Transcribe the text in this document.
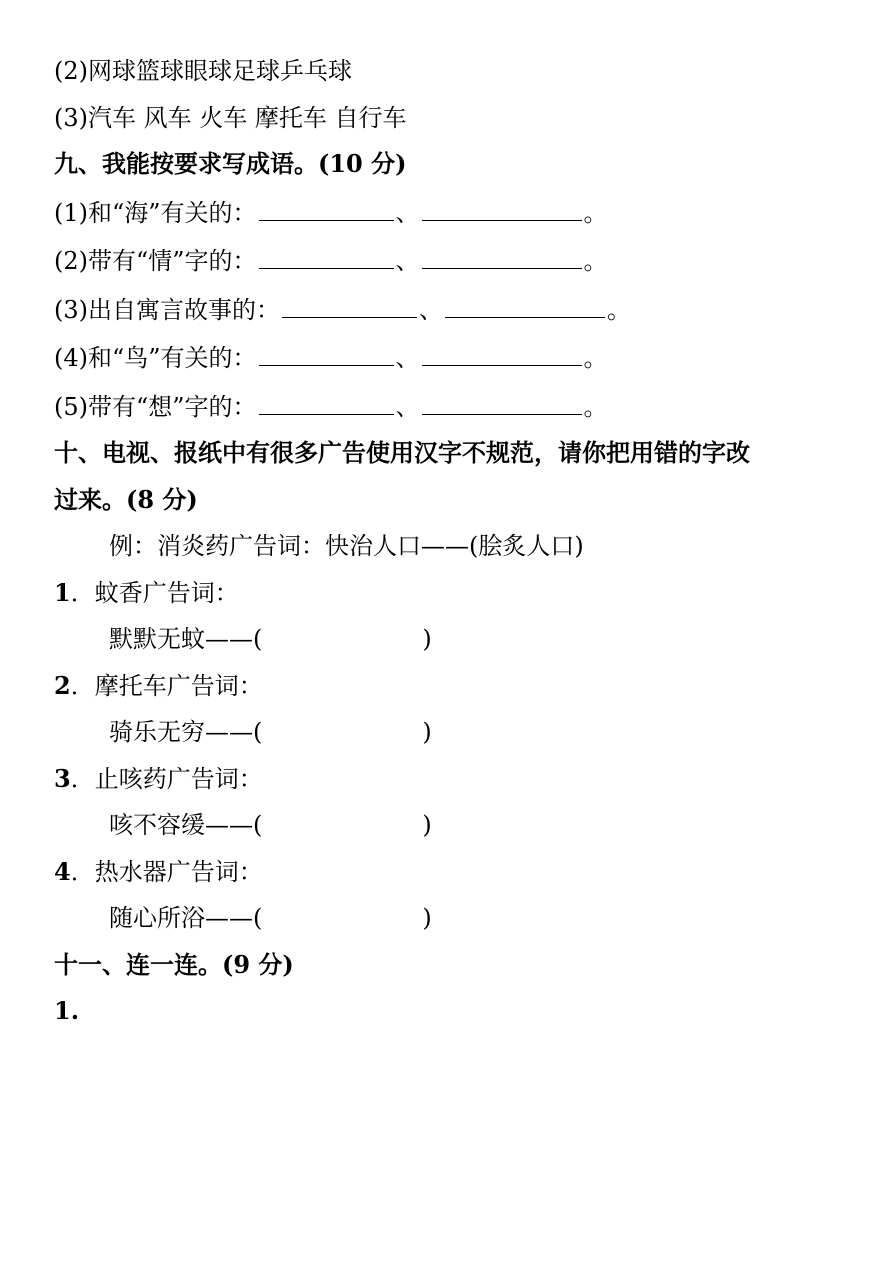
(2)网球篮球眼球足球乒乓球
(3)汽车 风车 火车 摩托车 自行车
九、我能按要求写成语。(10 分)
(1)和“海”有关的：	、	。
(2)带有“情”字的：	、	。
(3)出自寓言故事的：	、	。
(4)和“鸟”有关的：	、	。
(5)带有“想”字的：	、	。
十、电视、报纸中有很多广告使用汉字不规范，请你把用错的字改
过来。(8 分)
例：消炎药广告词：快治人口——(脍炙人口)
1．蚊香广告词：
默默无蚊——(	)
2．摩托车广告词：
骑乐无穷——(	)
3．止咳药广告词：
咳不容缓——(	)
4．热水器广告词：
随心所浴——(	)
十一、连一连。(9 分)
1.
